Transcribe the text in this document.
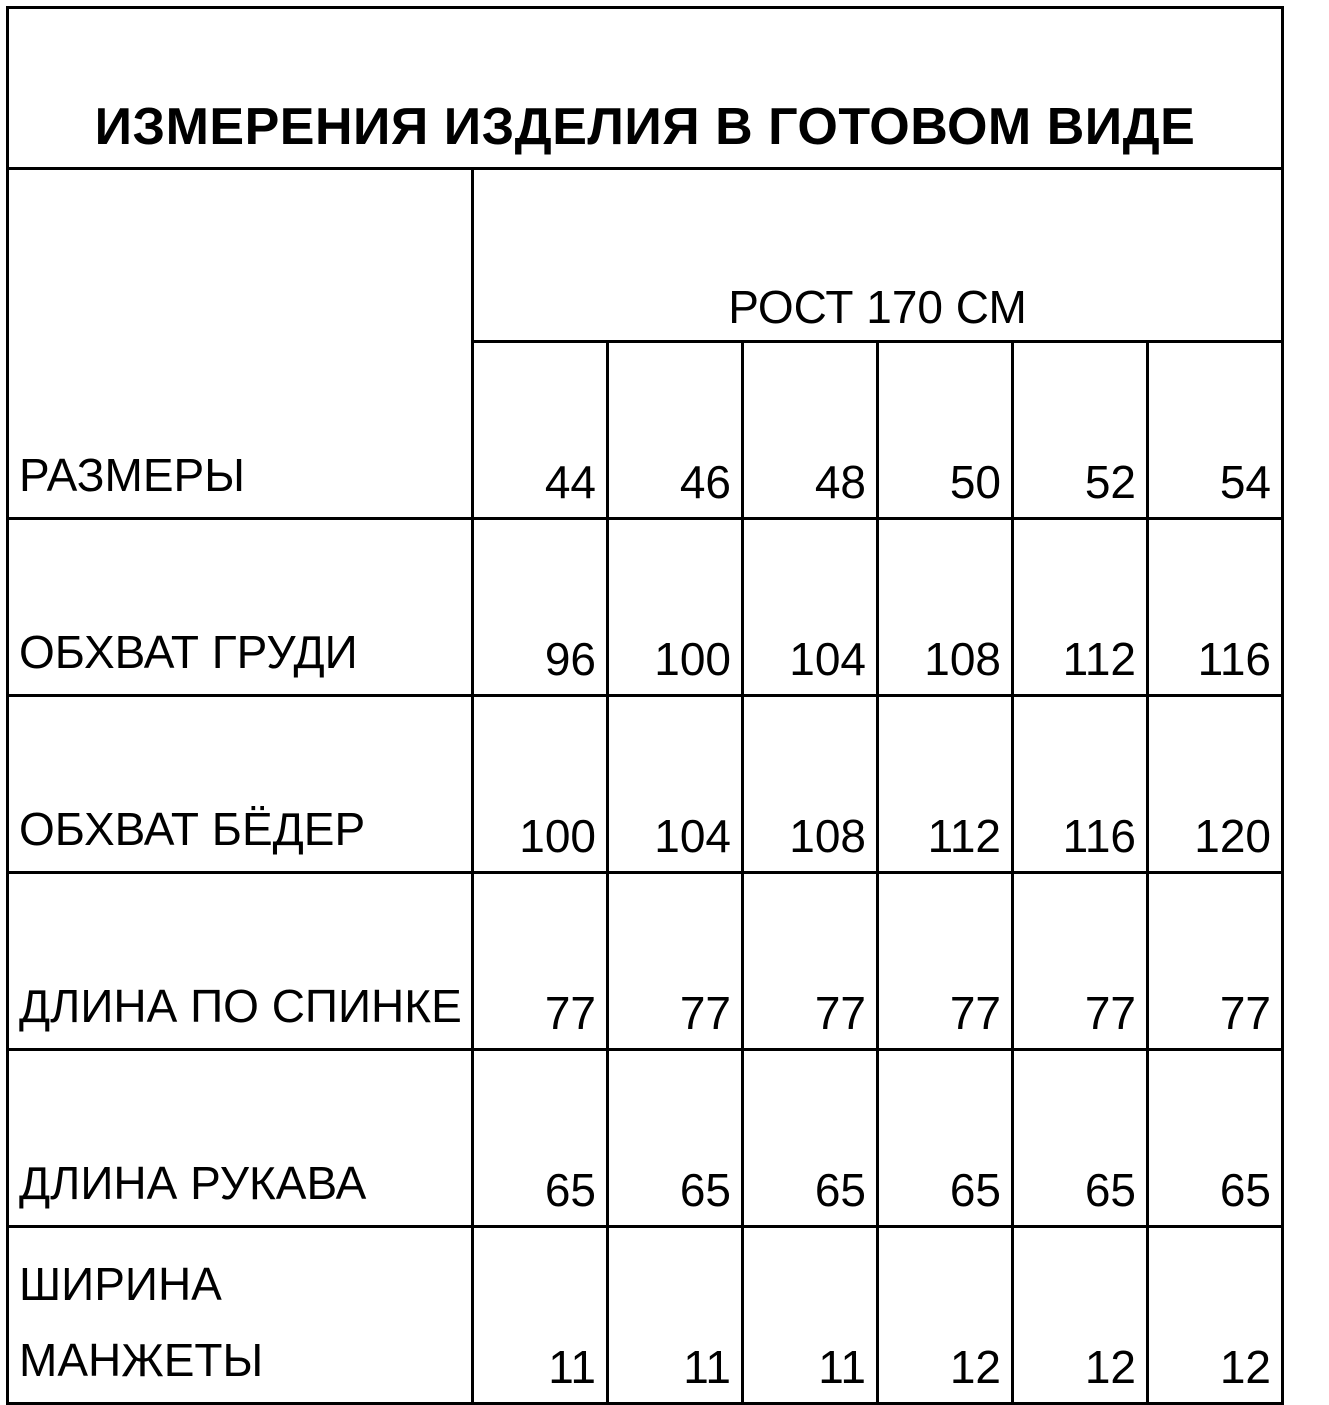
ИЗМЕРЕНИЯ ИЗДЕЛИЯ В ГОТОВОМ ВИДЕ						

РАЗМЕРЫ	РОСТ 170 СМ					

	44	46	48	50	52	54
ОБХВАТ ГРУДИ	96	100	104	108	112	116
ОБХВАТ БЁДЕР	100	104	108	112	116	120
ДЛИНА ПО СПИНКЕ	77	77	77	77	77	77
ДЛИНА РУКАВА	65	65	65	65	65	65
ШИРИНА МАНЖЕТЫ	11	11	11	12	12	12
